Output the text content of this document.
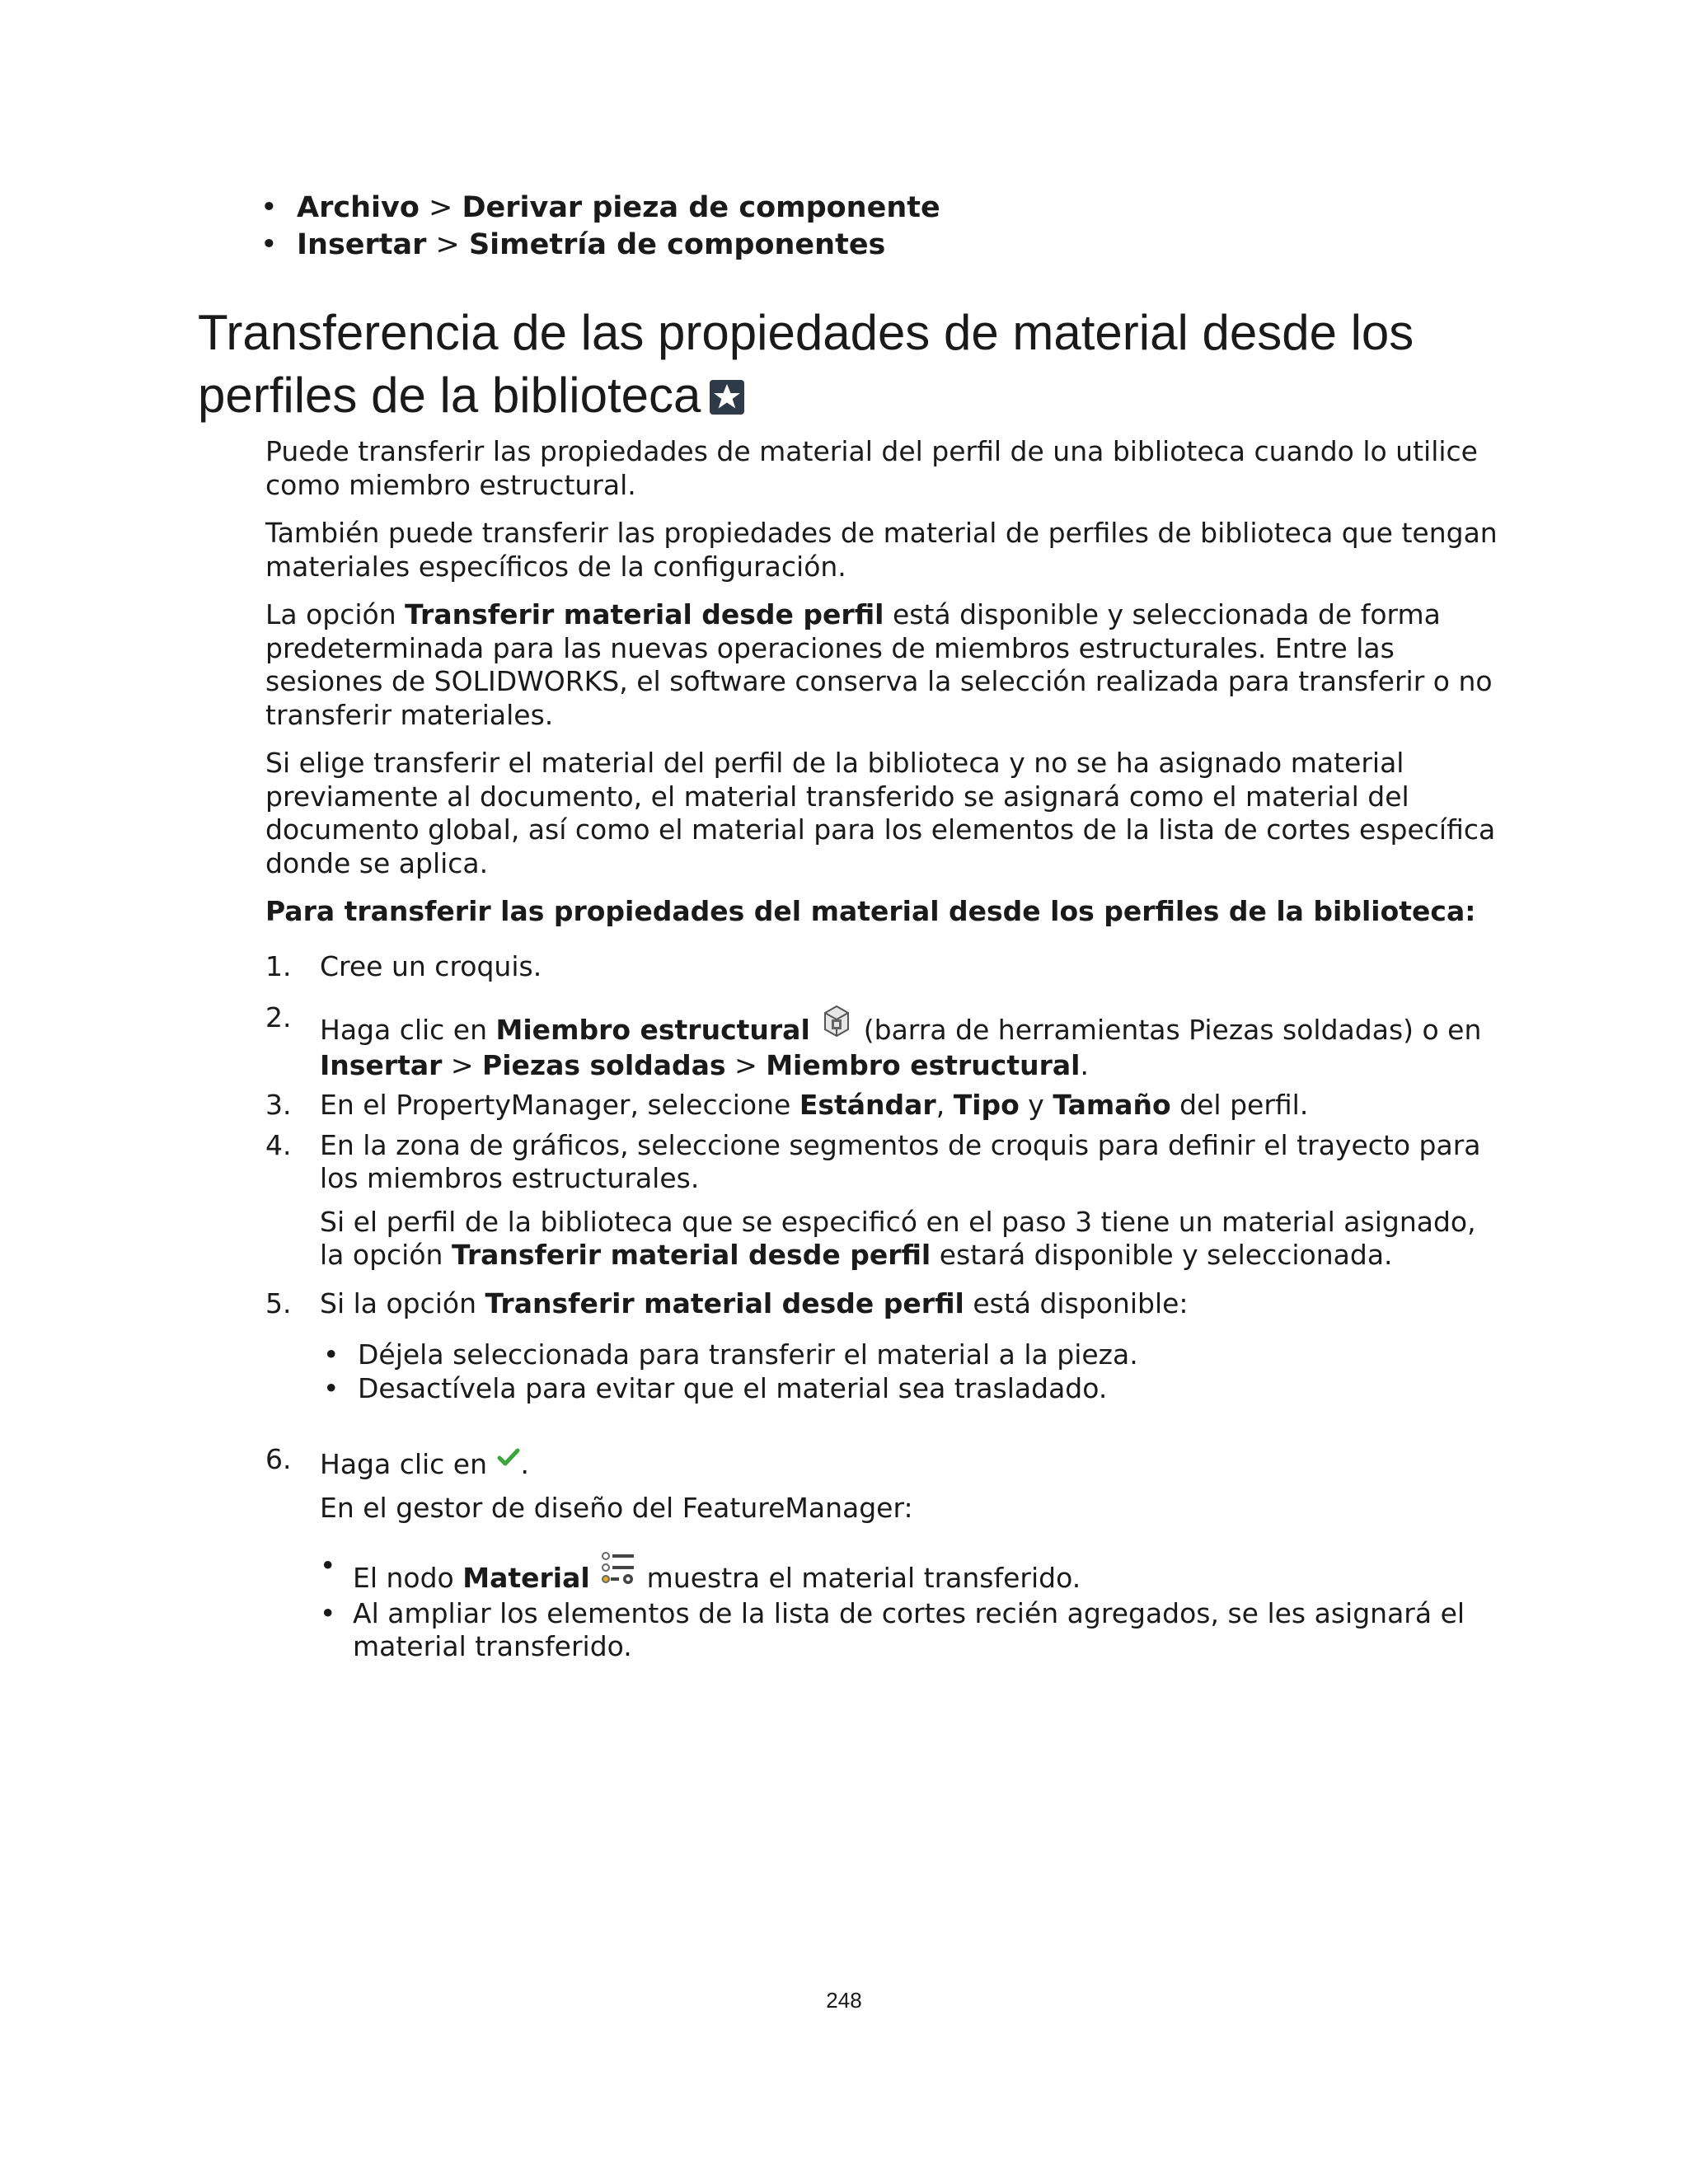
• Archivo > Derivar pieza de componente
• Insertar > Simetría de componentes
Transferencia de las propiedades de material desde los perfiles de la biblioteca

Puede transferir las propiedades de material del perfil de una biblioteca cuando lo utilice como miembro estructural.

También puede transferir las propiedades de material de perfiles de biblioteca que tengan materiales específicos de la configuración.

La opción Transferir material desde perfil está disponible y seleccionada de forma predeterminada para las nuevas operaciones de miembros estructurales. Entre las sesiones de SOLIDWORKS, el software conserva la selección realizada para transferir o no transferir materiales.

Si elige transferir el material del perfil de la biblioteca y no se ha asignado material previamente al documento, el material transferido se asignará como el material del documento global, así como el material para los elementos de la lista de cortes específica donde se aplica.

Para transferir las propiedades del material desde los perfiles de la biblioteca:

1. Cree un croquis.
2. Haga clic en Miembro estructural  (barra de herramientas Piezas soldadas) o en Insertar > Piezas soldadas > Miembro estructural.
3. En el PropertyManager, seleccione Estándar, Tipo y Tamaño del perfil.
4. En la zona de gráficos, seleccione segmentos de croquis para definir el trayecto para los miembros estructurales.
Si el perfil de la biblioteca que se especificó en el paso 3 tiene un material asignado, la opción Transferir material desde perfil estará disponible y seleccionada.
5. Si la opción Transferir material desde perfil está disponible:
• Déjela seleccionada para transferir el material a la pieza.
• Desactívela para evitar que el material sea trasladado.
6. Haga clic en .
En el gestor de diseño del FeatureManager:
• El nodo Material  muestra el material transferido.
• Al ampliar los elementos de la lista de cortes recién agregados, se les asignará el material transferido.
248
